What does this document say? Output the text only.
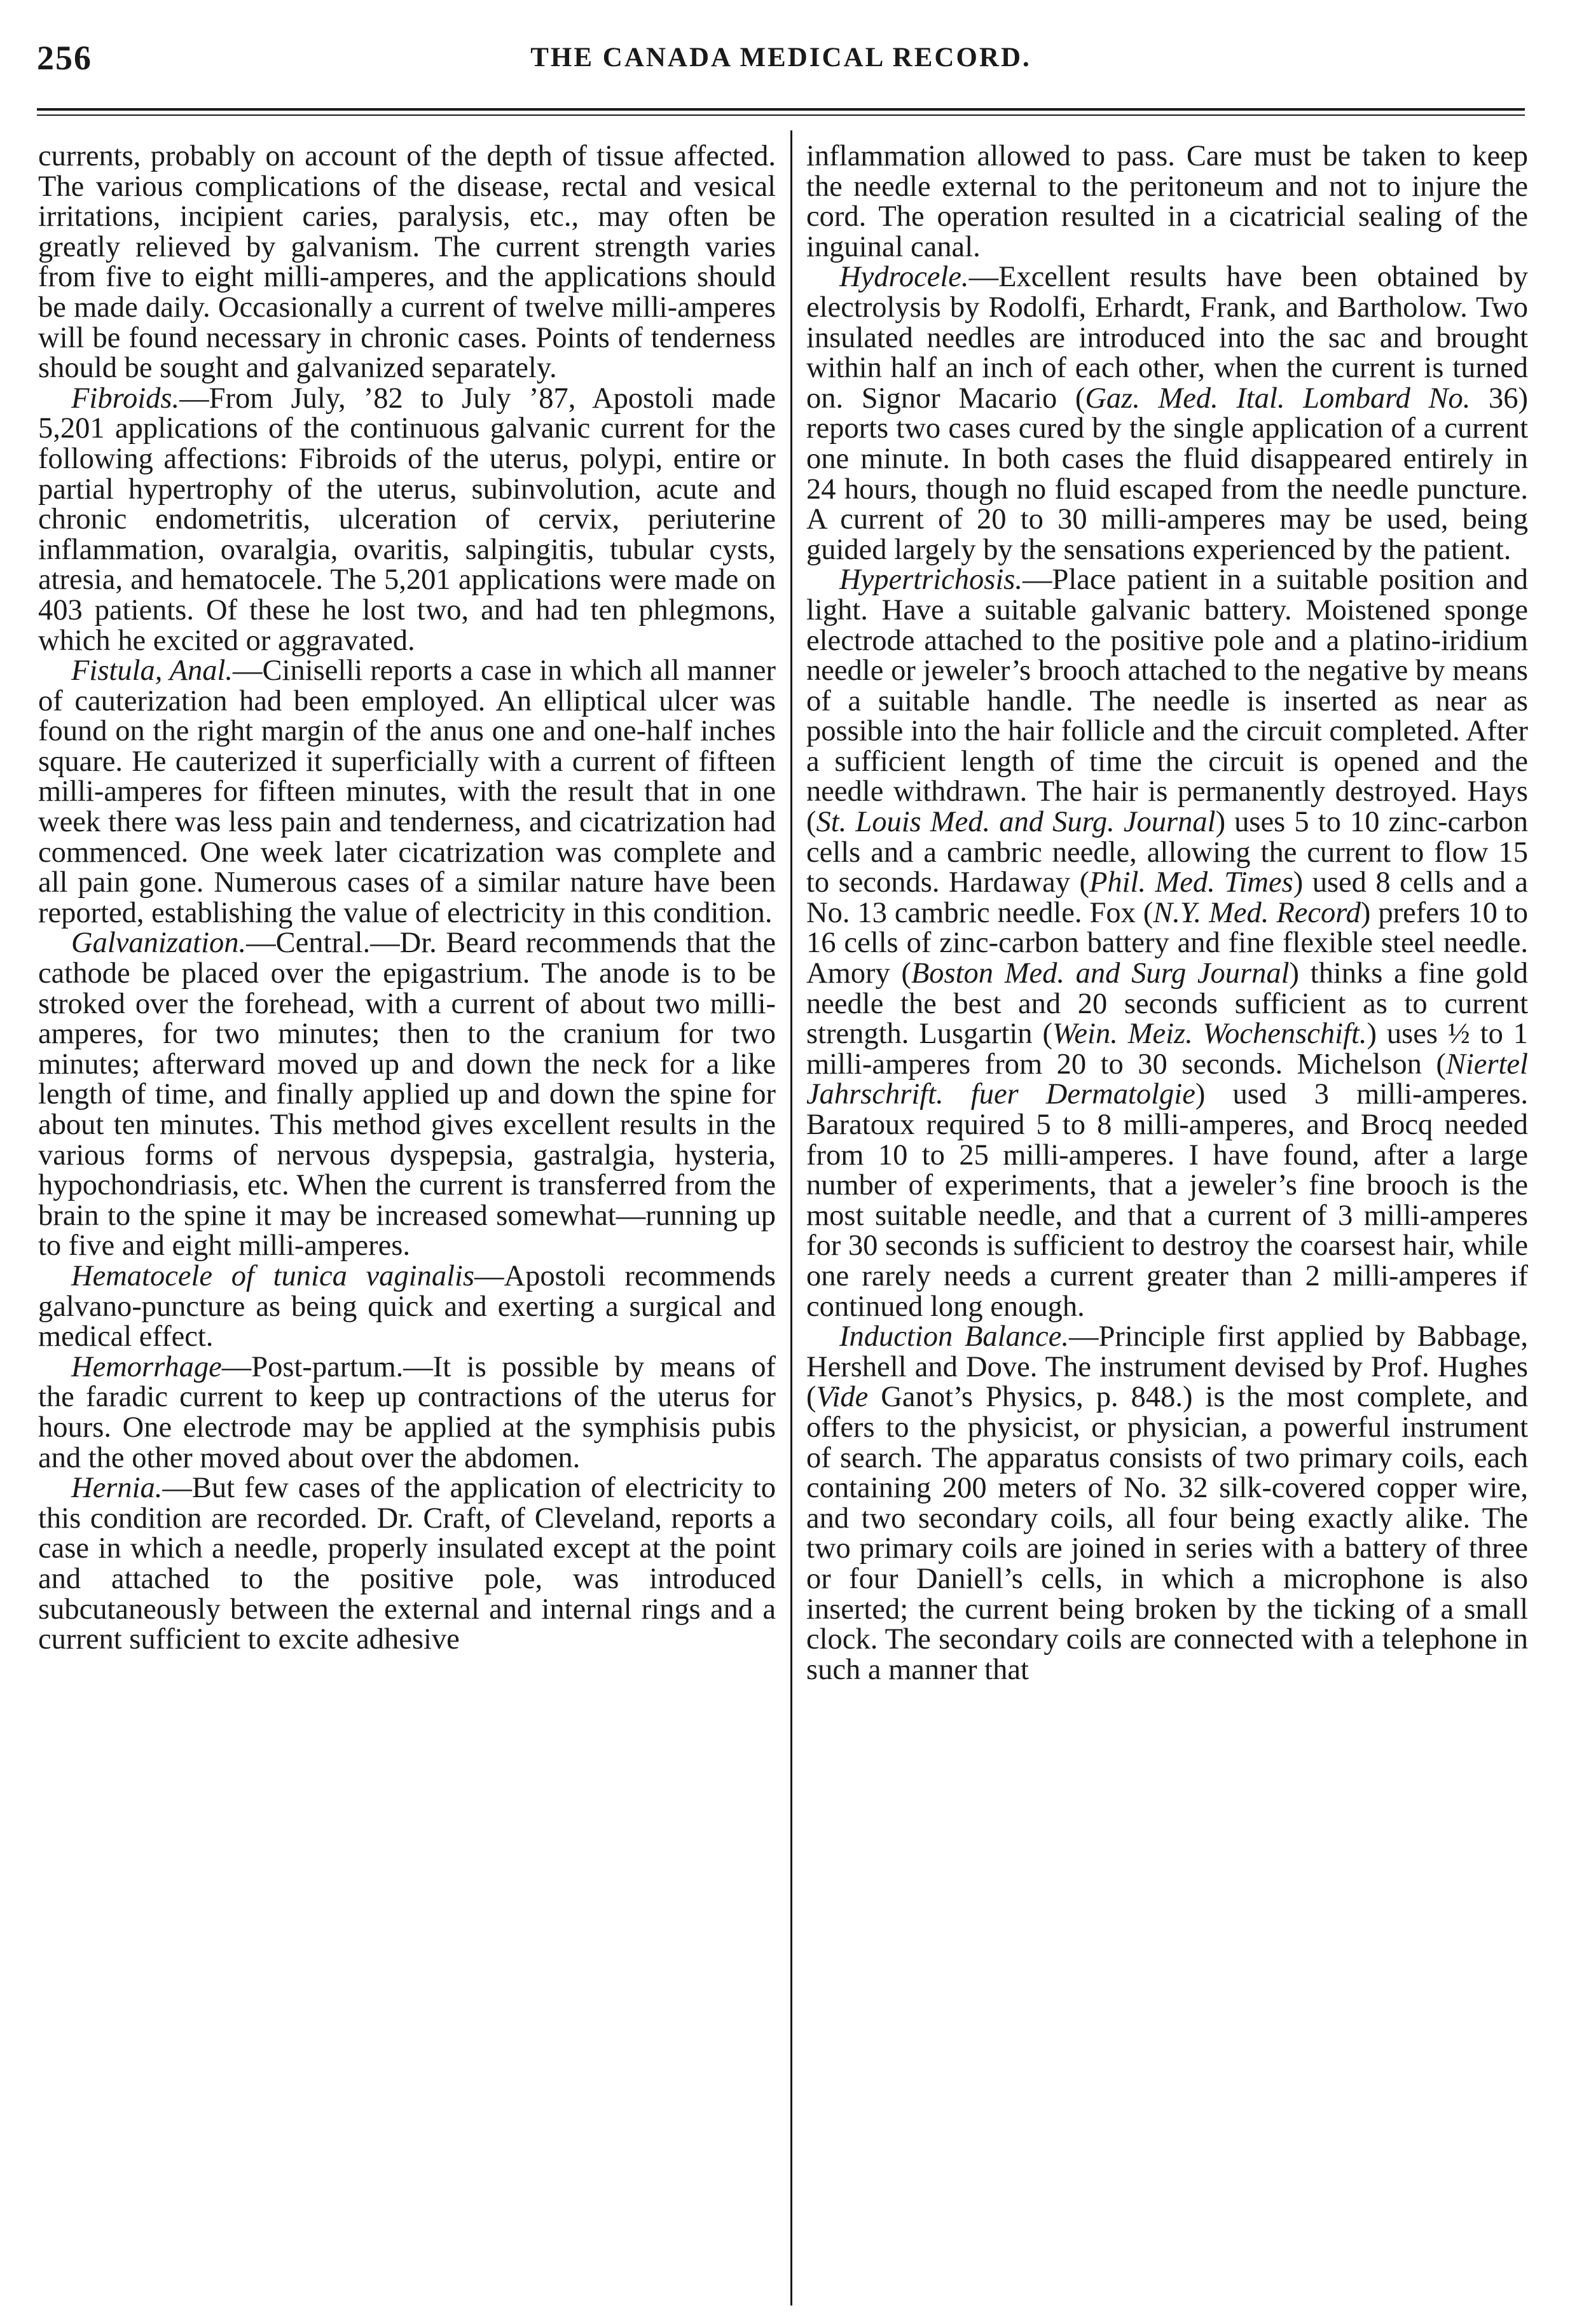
256	THE CANADA MEDICAL RECORD.

currents, probably on account of the depth of tissue affected. The various complications of the disease, rectal and vesical irritations, incipient caries, paralysis, etc., may often be greatly relieved by galvanism. The current strength varies from five to eight milli-amperes, and the applications should be made daily. Occasionally a current of twelve milli-amperes will be found necessary in chronic cases. Points of tenderness should be sought and galvanized separately.

Fibroids.—From July, ’82 to July ’87, Apostoli made 5,201 applications of the continuous galvanic current for the following affections: Fibroids of the uterus, polypi, entire or partial hypertrophy of the uterus, subinvolution, acute and chronic endometritis, ulceration of cervix, periuterine inflammation, ovaralgia, ovaritis, salpingitis, tubular cysts, atresia, and hematocele. The 5,201 applications were made on 403 patients. Of these he lost two, and had ten phlegmons, which he excited or aggravated.

Fistula, Anal.—Ciniselli reports a case in which all manner of cauterization had been employed. An elliptical ulcer was found on the right margin of the anus one and one-half inches square. He cauterized it superficially with a current of fifteen milli-amperes for fifteen minutes, with the result that in one week there was less pain and tenderness, and cicatrization had commenced. One week later cicatrization was complete and all pain gone. Numerous cases of a similar nature have been reported, establishing the value of electricity in this condition.

Galvanization.—Central.—Dr. Beard recommends that the cathode be placed over the epigastrium. The anode is to be stroked over the forehead, with a current of about two milli-amperes, for two minutes; then to the cranium for two minutes; afterward moved up and down the neck for a like length of time, and finally applied up and down the spine for about ten minutes. This method gives excellent results in the various forms of nervous dyspepsia, gastralgia, hysteria, hypochondriasis, etc. When the current is transferred from the brain to the spine it may be increased somewhat—running up to five and eight milli-amperes.

Hematocele of tunica vaginalis—Apostoli recommends galvano-puncture as being quick and exerting a surgical and medical effect.

Hemorrhage—Post-partum.—It is possible by means of the faradic current to keep up contractions of the uterus for hours. One electrode may be applied at the symphisis pubis and the other moved about over the abdomen.

Hernia.—But few cases of the application of electricity to this condition are recorded. Dr. Craft, of Cleveland, reports a case in which a needle, properly insulated except at the point and attached to the positive pole, was introduced subcutaneously between the external and internal rings and a current sufficient to excite adhesive

inflammation allowed to pass. Care must be taken to keep the needle external to the peritoneum and not to injure the cord. The operation resulted in a cicatricial sealing of the inguinal canal.

Hydrocele.—Excellent results have been obtained by electrolysis by Rodolfi, Erhardt, Frank, and Bartholow. Two insulated needles are introduced into the sac and brought within half an inch of each other, when the current is turned on. Signor Macario (Gaz. Med. Ital. Lombard No. 36) reports two cases cured by the single application of a current one minute. In both cases the fluid disappeared entirely in 24 hours, though no fluid escaped from the needle puncture. A current of 20 to 30 milli-amperes may be used, being guided largely by the sensations experienced by the patient.

Hypertrichosis.—Place patient in a suitable position and light. Have a suitable galvanic battery. Moistened sponge electrode attached to the positive pole and a platino-iridium needle or jeweler’s brooch attached to the negative by means of a suitable handle. The needle is inserted as near as possible into the hair follicle and the circuit completed. After a sufficient length of time the circuit is opened and the needle withdrawn. The hair is permanently destroyed. Hays (St. Louis Med. and Surg. Journal) uses 5 to 10 zinc-carbon cells and a cambric needle, allowing the current to flow 15 to seconds. Hardaway (Phil. Med. Times) used 8 cells and a No. 13 cambric needle. Fox (N.Y. Med. Record) prefers 10 to 16 cells of zinc-carbon battery and fine flexible steel needle. Amory (Boston Med. and Surg Journal) thinks a fine gold needle the best and 20 seconds sufficient as to current strength. Lusgartin (Wein. Meiz. Wochenschift.) uses ½ to 1 milli-amperes from 20 to 30 seconds. Michelson (Niertel Jahrschrift. fuer Dermatolgie) used 3 milli-amperes. Baratoux required 5 to 8 milli-amperes, and Brocq needed from 10 to 25 milli-amperes. I have found, after a large number of experiments, that a jeweler’s fine brooch is the most suitable needle, and that a current of 3 milli-amperes for 30 seconds is sufficient to destroy the coarsest hair, while one rarely needs a current greater than 2 milli-amperes if continued long enough.

Induction Balance.—Principle first applied by Babbage, Hershell and Dove. The instrument devised by Prof. Hughes (Vide Ganot’s Physics, p. 848.) is the most complete, and offers to the physicist, or physician, a powerful instrument of search. The apparatus consists of two primary coils, each containing 200 meters of No. 32 silk-covered copper wire, and two secondary coils, all four being exactly alike. The two primary coils are joined in series with a battery of three or four Daniell’s cells, in which a microphone is also inserted; the current being broken by the ticking of a small clock. The secondary coils are connected with a telephone in such a manner that
